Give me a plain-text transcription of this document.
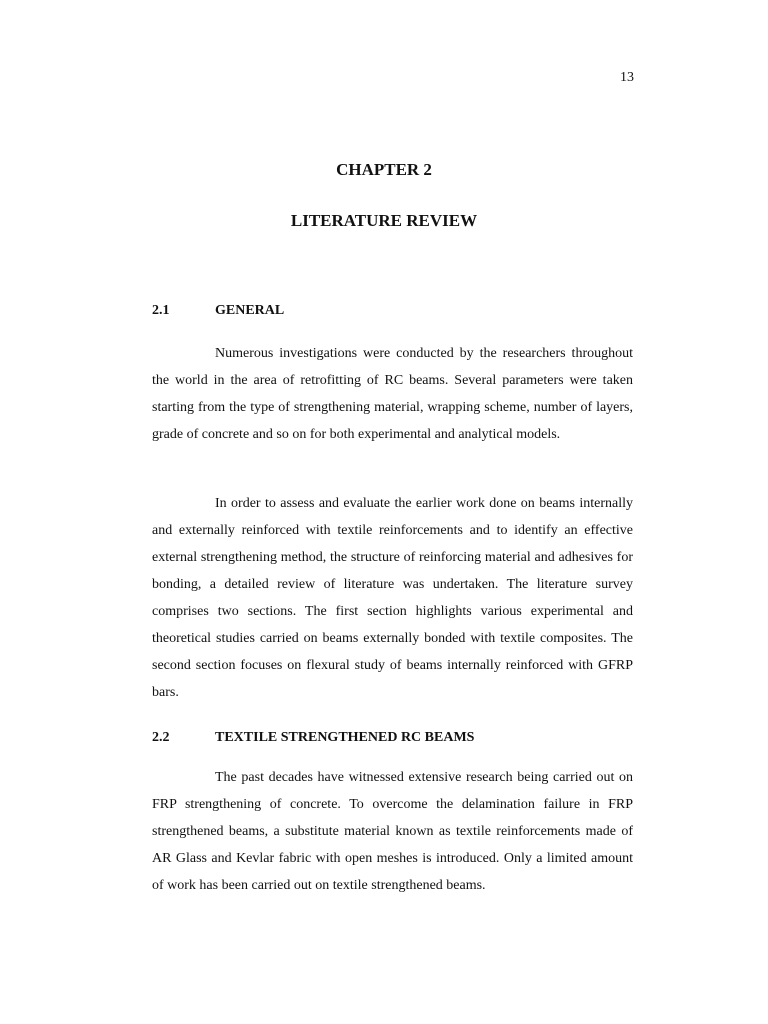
13
CHAPTER 2
LITERATURE REVIEW
2.1	GENERAL

Numerous investigations were conducted by the researchers throughout the world in the area of retrofitting of RC beams. Several parameters were taken starting from the type of strengthening material, wrapping scheme, number of layers, grade of concrete and so on for both experimental and analytical models.

In order to assess and evaluate the earlier work done on beams internally and externally reinforced with textile reinforcements and to identify an effective external strengthening method, the structure of reinforcing material and adhesives for bonding, a detailed review of literature was undertaken. The literature survey comprises two sections. The first section highlights various experimental and theoretical studies carried on beams externally bonded with textile composites. The second section focuses on flexural study of beams internally reinforced with GFRP bars.

2.2	TEXTILE STRENGTHENED RC BEAMS

The past decades have witnessed extensive research being carried out on FRP strengthening of concrete. To overcome the delamination failure in FRP strengthened beams, a substitute material known as textile reinforcements made of AR Glass and Kevlar fabric with open meshes is introduced. Only a limited amount of work has been carried out on textile strengthened beams.
